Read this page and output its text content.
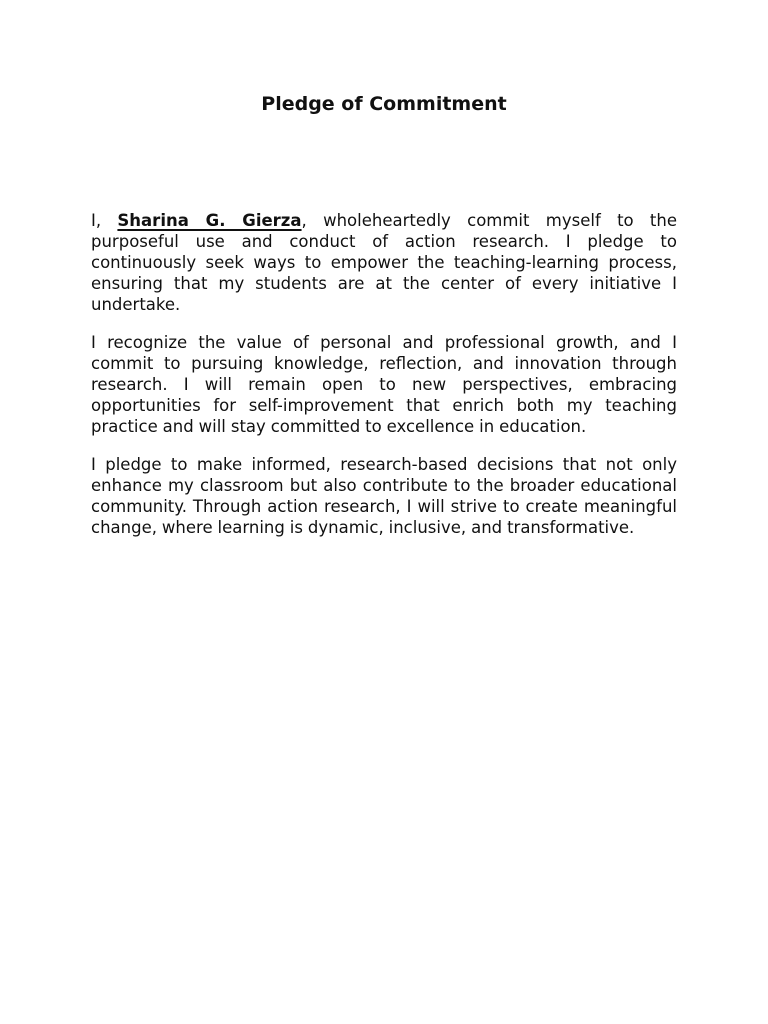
Pledge of Commitment

I, Sharina G. Gierza, wholeheartedly commit myself to the purposeful use and conduct of action research. I pledge to continuously seek ways to empower the teaching-learning process, ensuring that my students are at the center of every initiative I undertake.

I recognize the value of personal and professional growth, and I commit to pursuing knowledge, reflection, and innovation through research. I will remain open to new perspectives, embracing opportunities for self-improvement that enrich both my teaching practice and will stay committed to excellence in education.

I pledge to make informed, research-based decisions that not only enhance my classroom but also contribute to the broader educational community. Through action research, I will strive to create meaningful change, where learning is dynamic, inclusive, and transformative.
